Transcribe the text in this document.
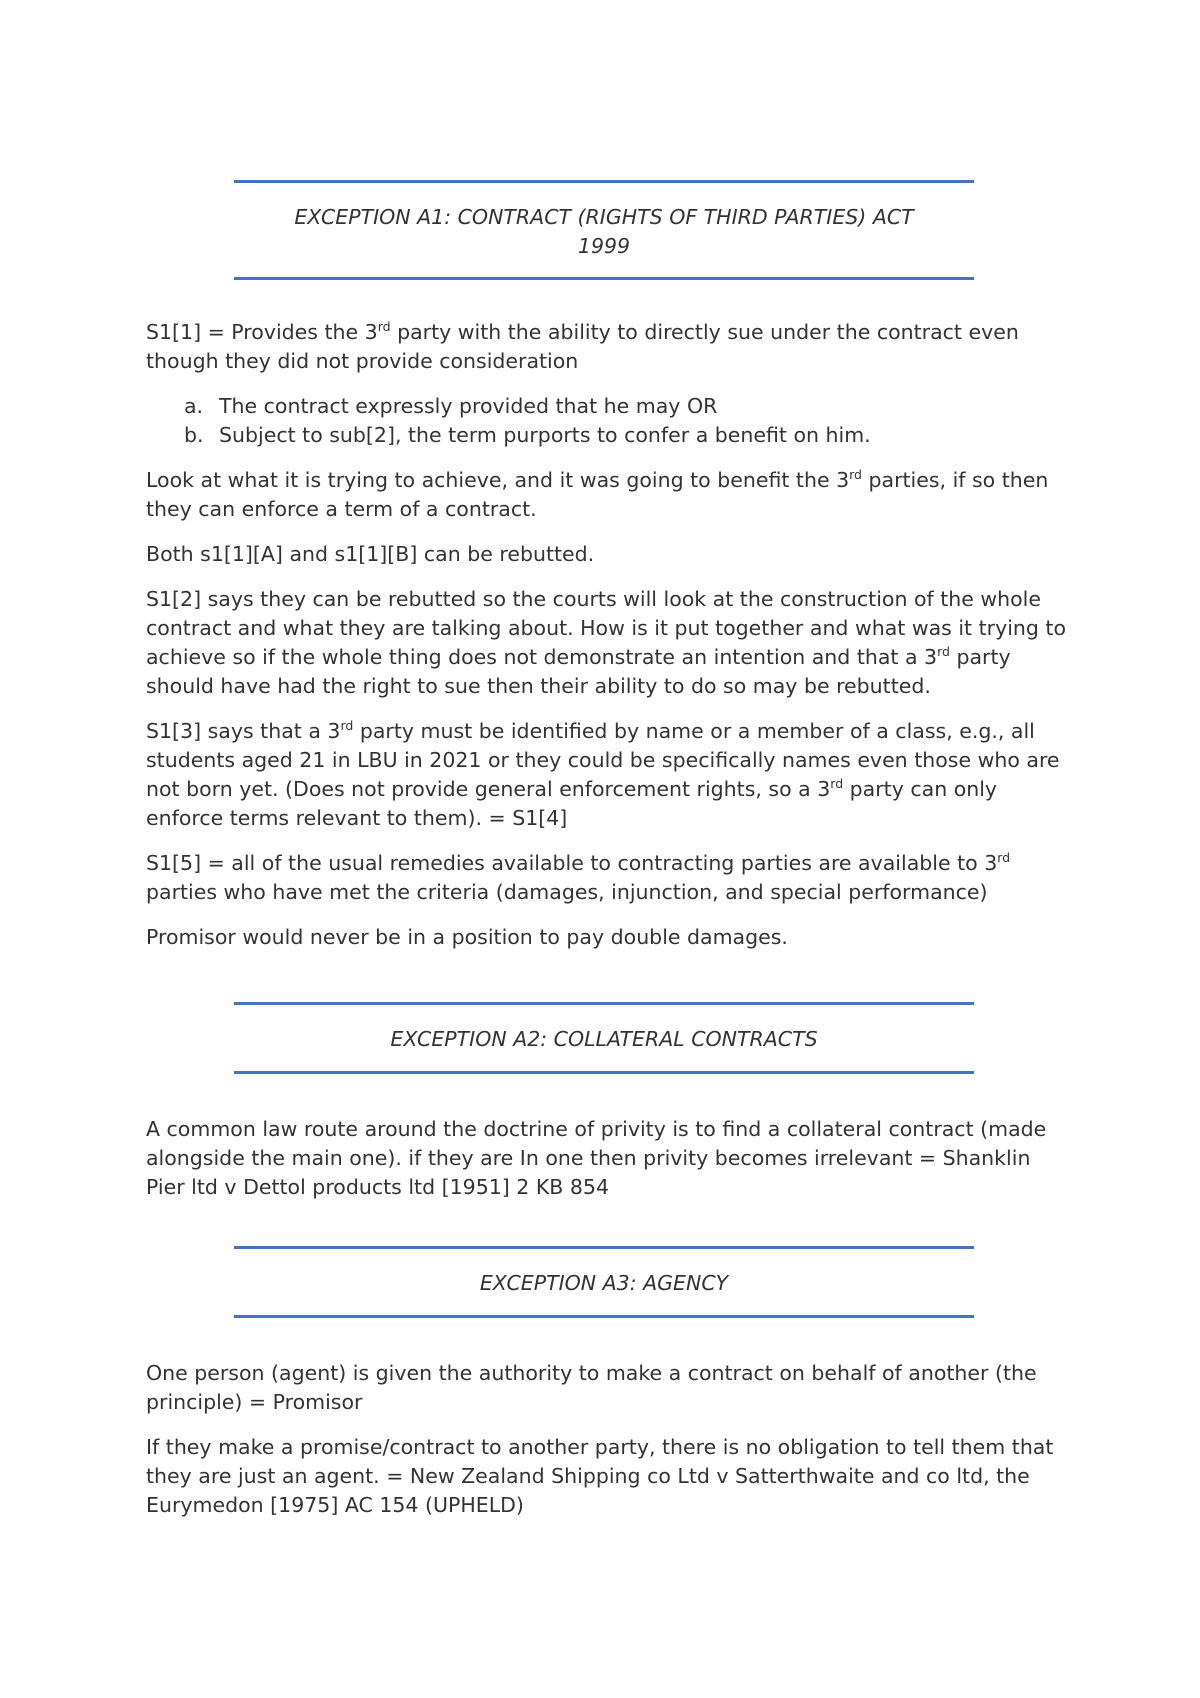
EXCEPTION A1: CONTRACT (RIGHTS OF THIRD PARTIES) ACT
1999

S1[1] = Provides the 3rd party with the ability to directly sue under the contract even though they did not provide consideration

a. The contract expressly provided that he may OR
b. Subject to sub[2], the term purports to confer a benefit on him.

Look at what it is trying to achieve, and it was going to benefit the 3rd parties, if so then they can enforce a term of a contract.

Both s1[1][A] and s1[1][B] can be rebutted.

S1[2] says they can be rebutted so the courts will look at the construction of the whole contract and what they are talking about. How is it put together and what was it trying to achieve so if the whole thing does not demonstrate an intention and that a 3rd party should have had the right to sue then their ability to do so may be rebutted.

S1[3] says that a 3rd party must be identified by name or a member of a class, e.g., all students aged 21 in LBU in 2021 or they could be specifically names even those who are not born yet. (Does not provide general enforcement rights, so a 3rd party can only enforce terms relevant to them). = S1[4]

S1[5] = all of the usual remedies available to contracting parties are available to 3rd parties who have met the criteria (damages, injunction, and special performance)

Promisor would never be in a position to pay double damages.

EXCEPTION A2: COLLATERAL CONTRACTS

A common law route around the doctrine of privity is to find a collateral contract (made alongside the main one). if they are In one then privity becomes irrelevant = Shanklin Pier ltd v Dettol products ltd [1951] 2 KB 854

EXCEPTION A3: AGENCY

One person (agent) is given the authority to make a contract on behalf of another (the principle) = Promisor

If they make a promise/contract to another party, there is no obligation to tell them that they are just an agent. = New Zealand Shipping co Ltd v Satterthwaite and co ltd, the Eurymedon [1975] AC 154 (UPHELD)
